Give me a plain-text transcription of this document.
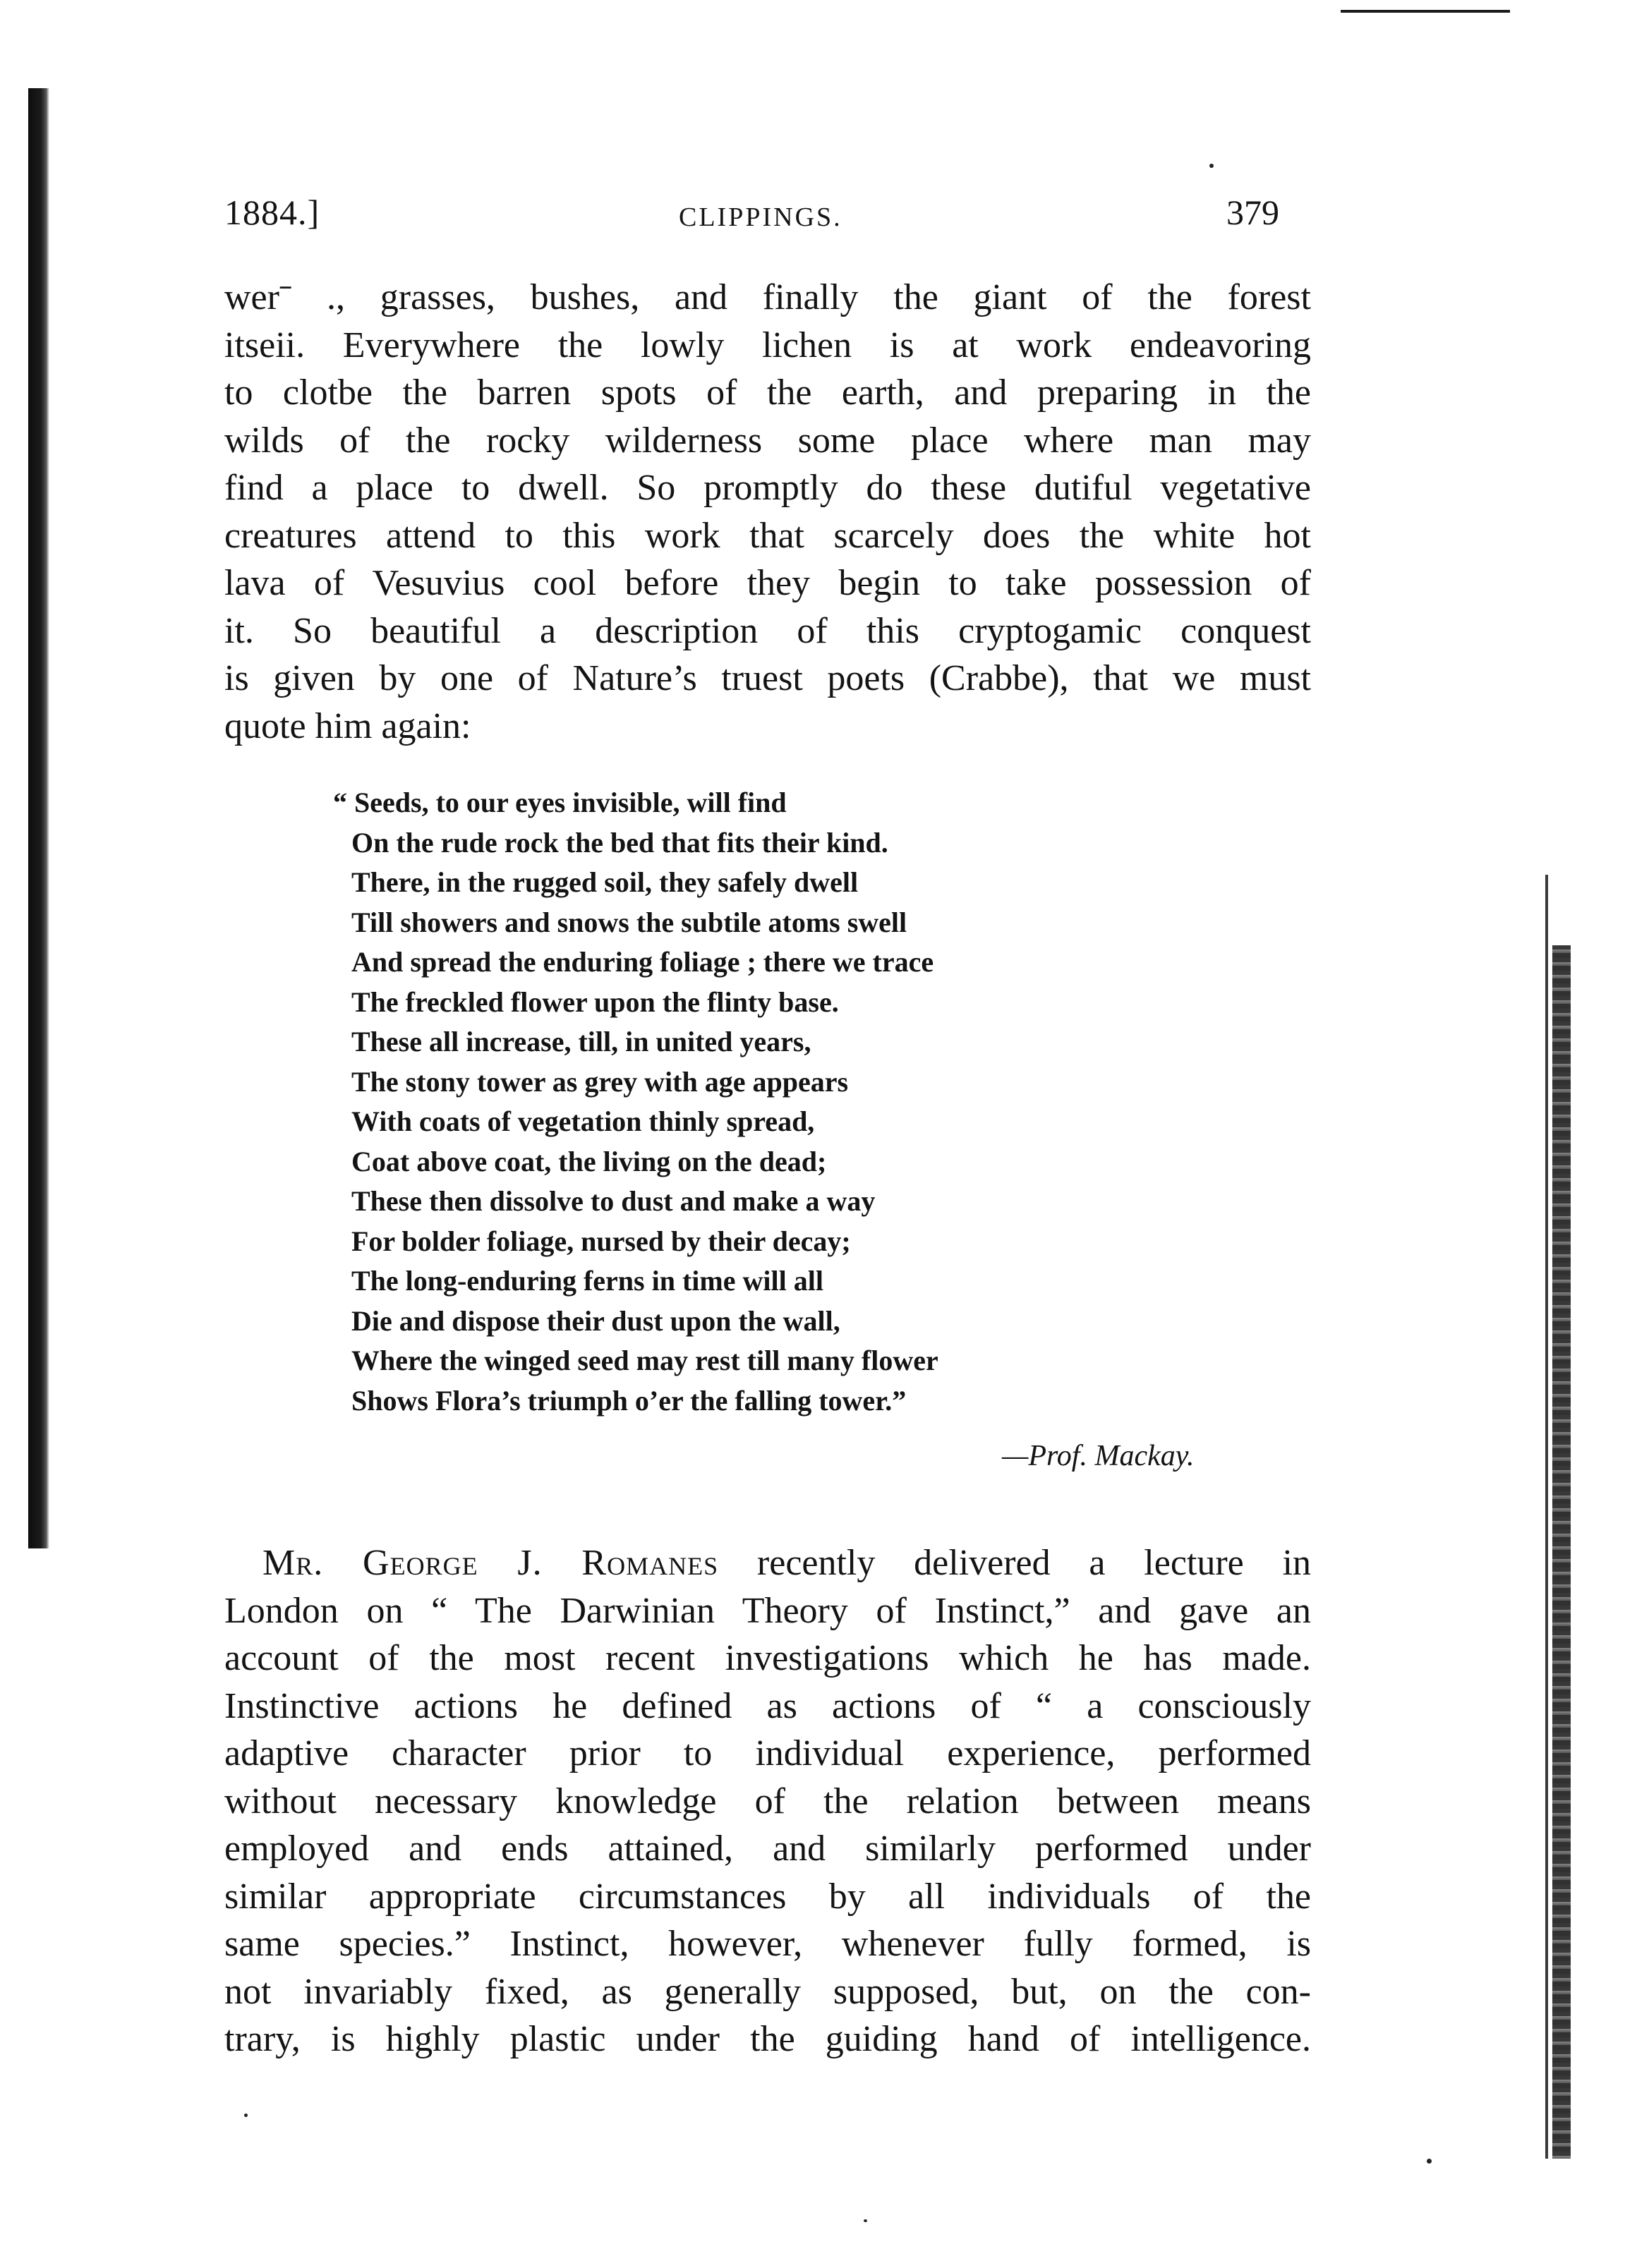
1884.]	CLIPPINGS.	379
werˉ ., grasses, bushes, and finally the giant of the forest
itseii. Everywhere the lowly lichen is at work endeavoring
to clotbe the barren spots of the earth, and preparing in the
wilds of the rocky wilderness some place where man may
find a place to dwell. So promptly do these dutiful vegetative
creatures attend to this work that scarcely does the white hot
lava of Vesuvius cool before they begin to take possession of
it. So beautiful a description of this cryptogamic conquest
is given by one of Nature’s truest poets (Crabbe), that we must
quote him again:
“ Seeds, to our eyes invisible, will find
On the rude rock the bed that fits their kind.
There, in the rugged soil, they safely dwell
Till showers and snows the subtile atoms swell
And spread the enduring foliage ; there we trace
The freckled flower upon the flinty base.
These all increase, till, in united years,
The stony tower as grey with age appears
With coats of vegetation thinly spread,
Coat above coat, the living on the dead;
These then dissolve to dust and make a way
For bolder foliage, nursed by their decay;
The long-enduring ferns in time will all
Die and dispose their dust upon the wall,
Where the winged seed may rest till many flower
Shows Flora’s triumph o’er the falling tower.”
—Prof. Mackay.
Mr. George J. Romanes recently delivered a lecture in
London on “ The Darwinian Theory of Instinct,” and gave an
account of the most recent investigations which he has made.
Instinctive actions he defined as actions of “ a consciously
adaptive character prior to individual experience, performed
without necessary knowledge of the relation between means
employed and ends attained, and similarly performed under
similar appropriate circumstances by all individuals of the
same species.” Instinct, however, whenever fully formed, is
not invariably fixed, as generally supposed, but, on the con-
trary, is highly plastic under the guiding hand of intelligence.
